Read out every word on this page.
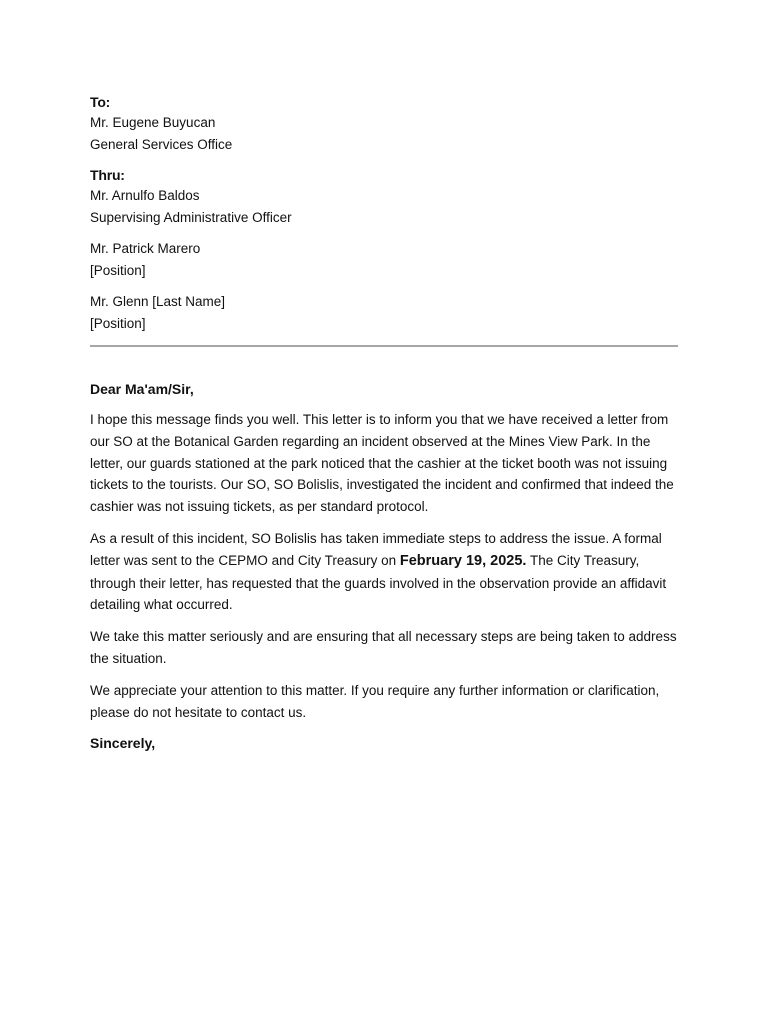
To:
Mr. Eugene Buyucan
General Services Office
Thru:
Mr. Arnulfo Baldos
Supervising Administrative Officer
Mr. Patrick Marero
[Position]
Mr. Glenn [Last Name]
[Position]
Dear Ma'am/Sir,

I hope this message finds you well. This letter is to inform you that we have received a letter from our SO at the Botanical Garden regarding an incident observed at the Mines View Park. In the letter, our guards stationed at the park noticed that the cashier at the ticket booth was not issuing tickets to the tourists. Our SO, SO Bolislis, investigated the incident and confirmed that indeed the cashier was not issuing tickets, as per standard protocol.

As a result of this incident, SO Bolislis has taken immediate steps to address the issue. A formal letter was sent to the CEPMO and City Treasury on February 19, 2025. The City Treasury, through their letter, has requested that the guards involved in the observation provide an affidavit detailing what occurred.

We take this matter seriously and are ensuring that all necessary steps are being taken to address the situation.

We appreciate your attention to this matter. If you require any further information or clarification, please do not hesitate to contact us.

Sincerely,
